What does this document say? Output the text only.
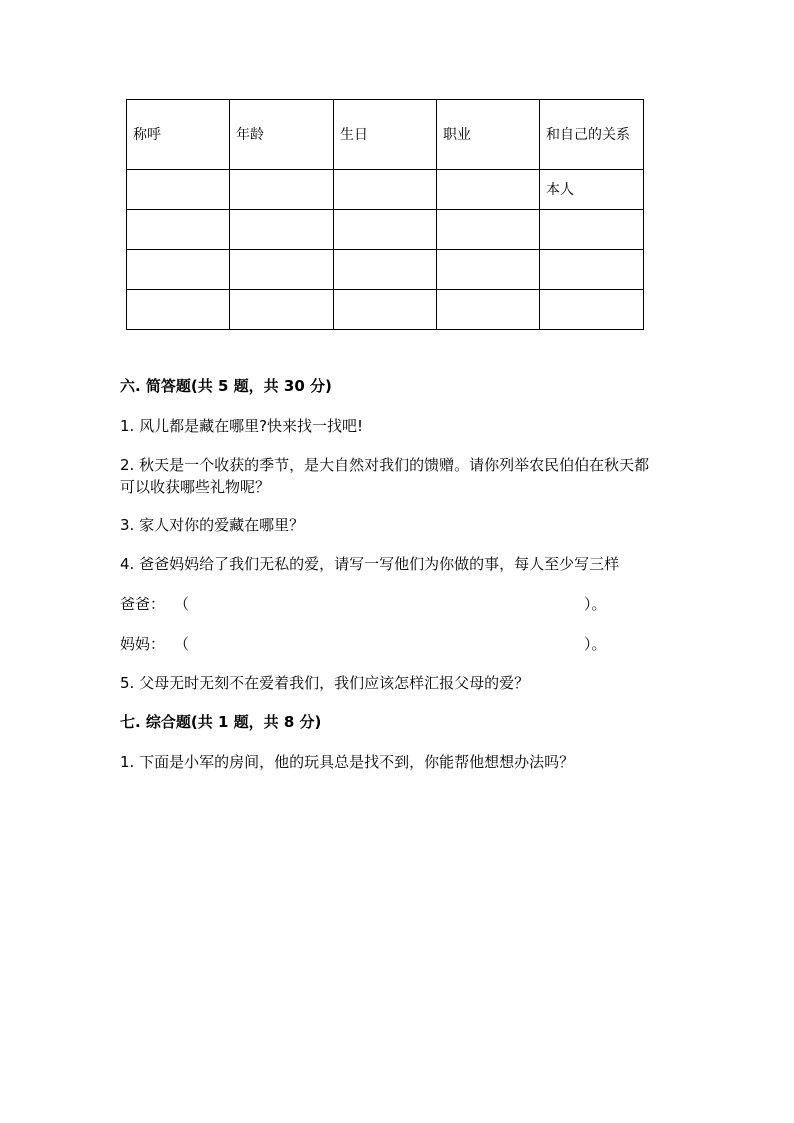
称呼	年龄	生日	职业	和自己的关系
				本人

六. 简答题(共 5 题，共 30 分)
1. 风儿都是藏在哪里?快来找一找吧!
2. 秋天是一个收获的季节，是大自然对我们的馈赠。请你列举农民伯伯在秋天都可以收获哪些礼物呢？
3. 家人对你的爱藏在哪里？
4. 爸爸妈妈给了我们无私的爱，请写一写他们为你做的事，每人至少写三样
爸爸： （	）。
妈妈： （	）。
5. 父母无时无刻不在爱着我们，我们应该怎样汇报父母的爱？
七. 综合题(共 1 题，共 8 分)
1. 下面是小军的房间，他的玩具总是找不到，你能帮他想想办法吗？
